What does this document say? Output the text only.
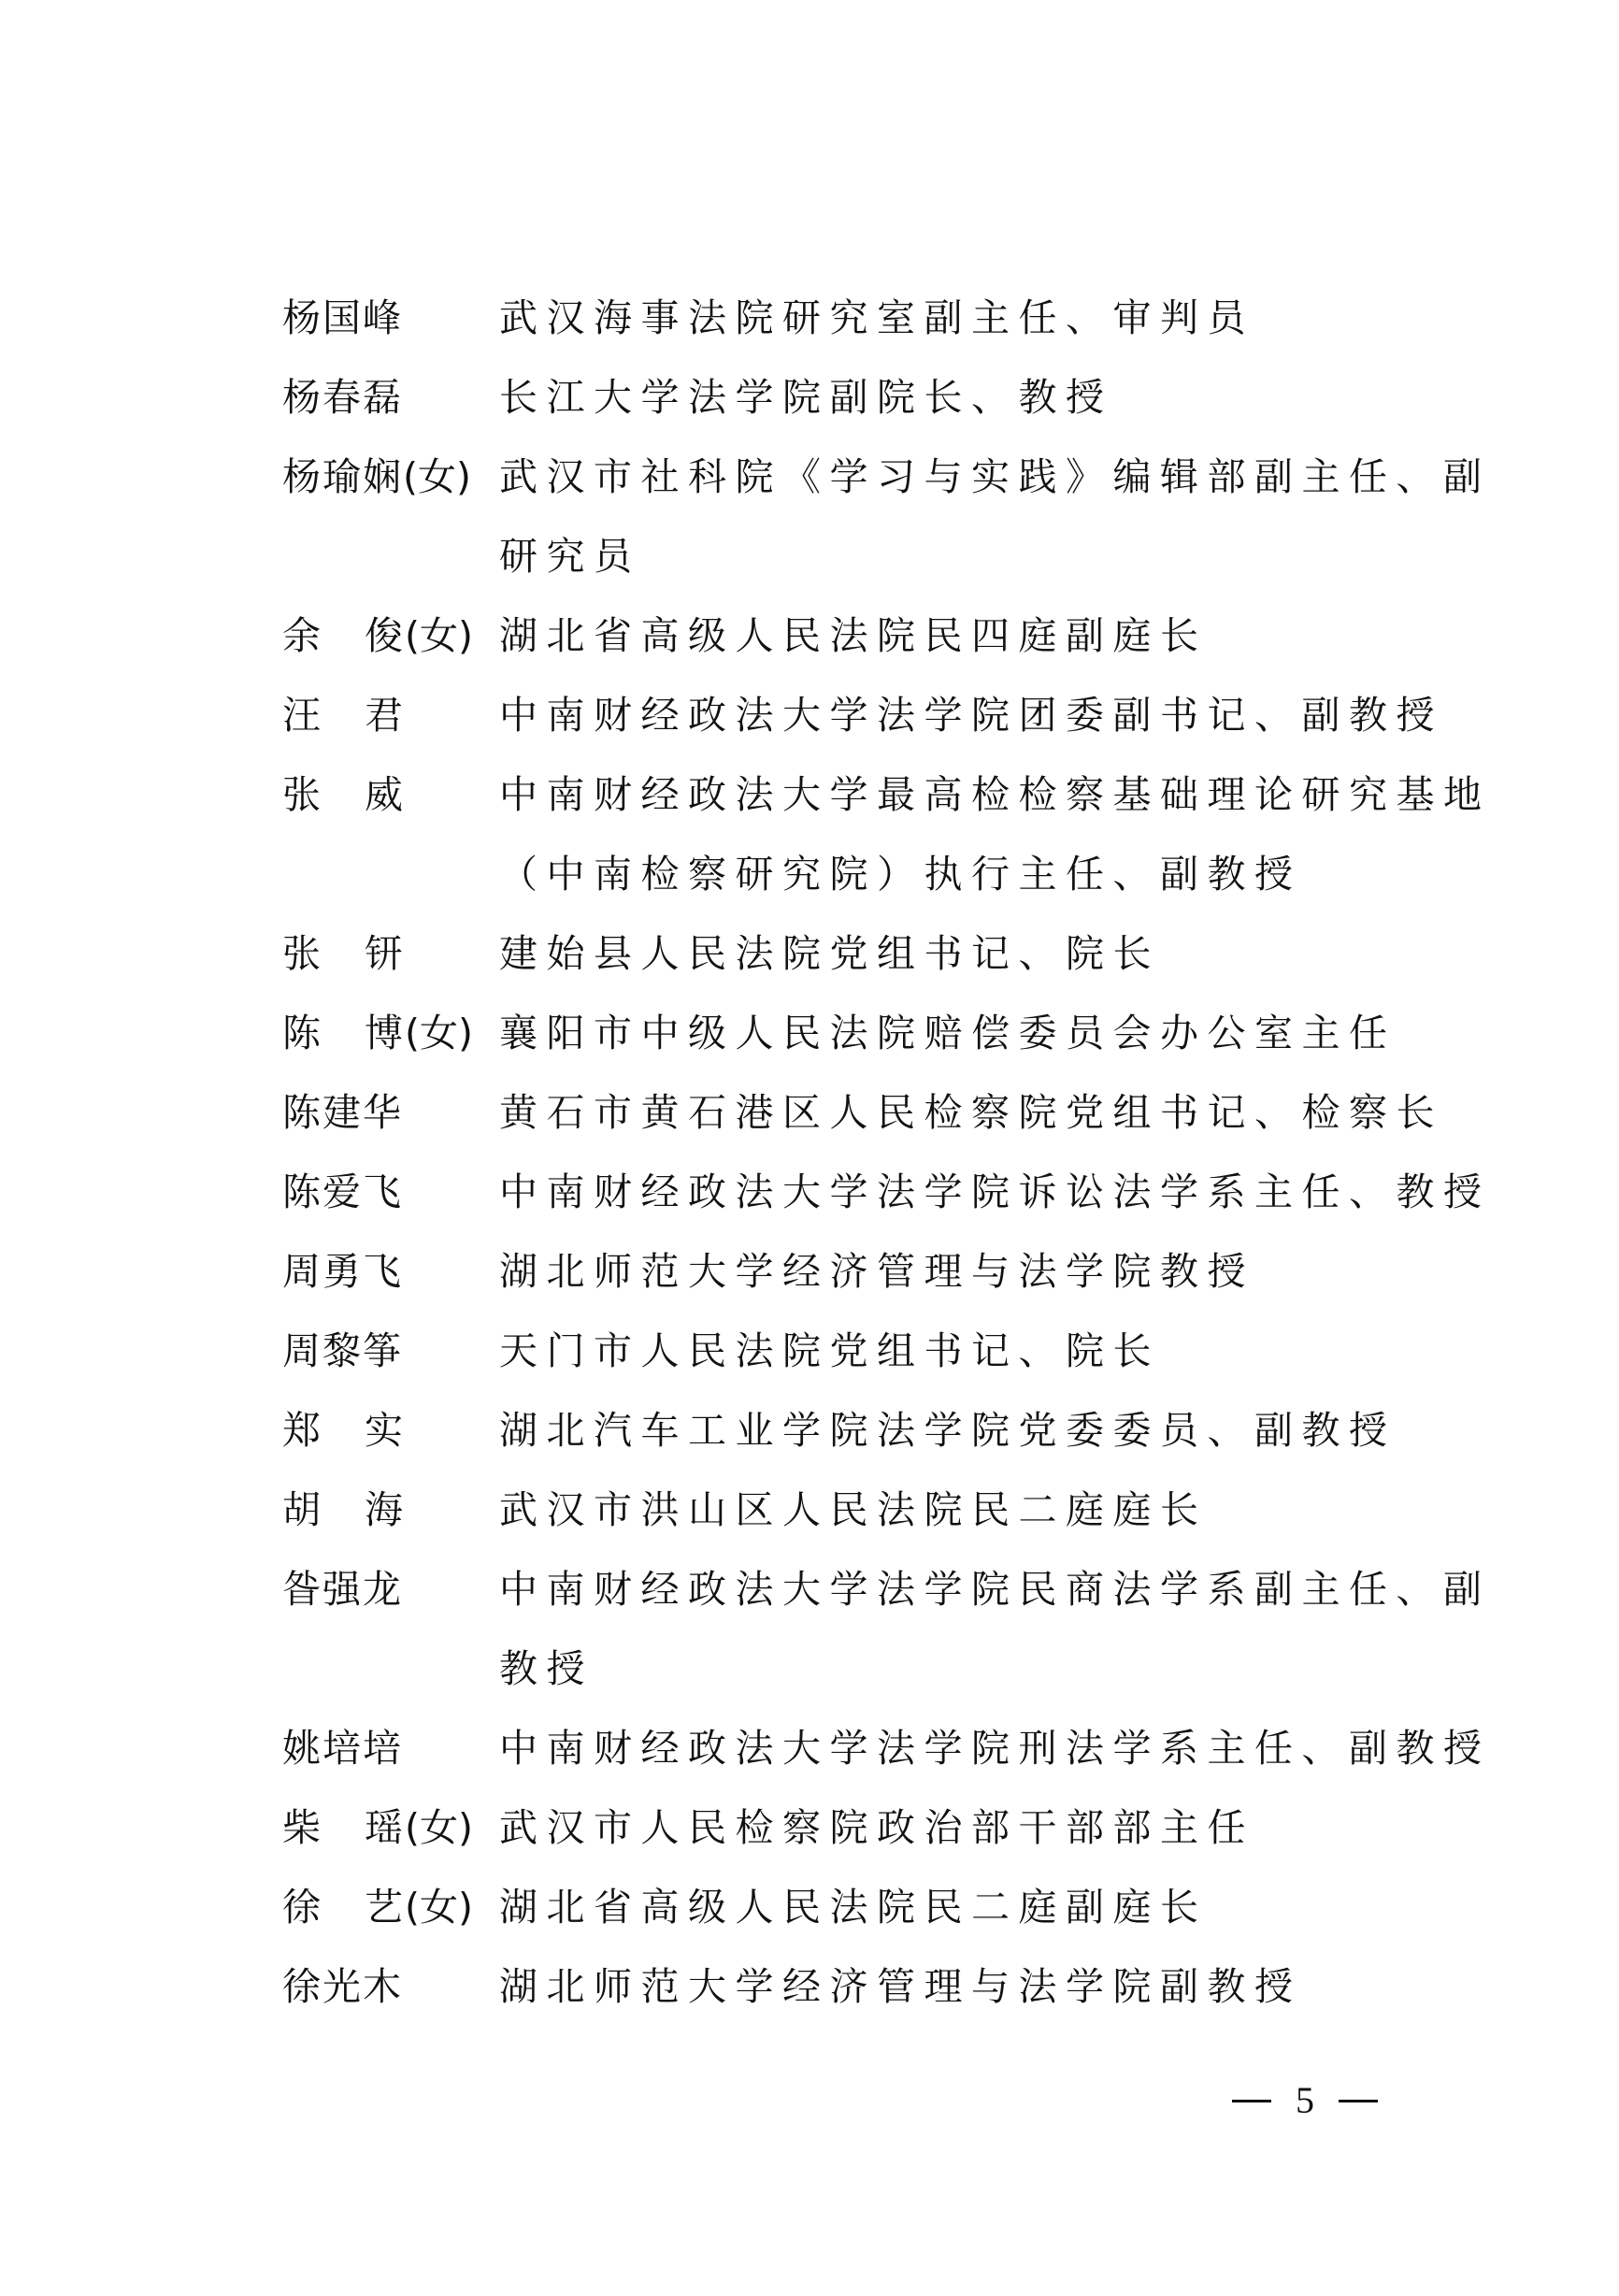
杨国峰	武汉海事法院研究室副主任、审判员
杨春磊	长江大学法学院副院长、教授
杨瑜娴 (女) 武汉市社科院《学习与实践》编辑部副主任、副
研究员
余	俊 (女) 湖北省高级人民法院民四庭副庭长
汪	君 中南财经政法大学法学院团委副书记、副教授
张	威 中南财经政法大学最高检检察基础理论研究基地
（中南检察研究院）执行主任、副教授
张	钘 建始县人民法院党组书记、院长
陈	博 (女) 襄阳市中级人民法院赔偿委员会办公室主任
陈建华	黄石市黄石港区人民检察院党组书记、检察长
陈爱飞	中南财经政法大学法学院诉讼法学系主任、教授
周勇飞	湖北师范大学经济管理与法学院教授
周黎筝	天门市人民法院党组书记、院长
郑	实 湖北汽车工业学院法学院党委委员、副教授
胡	海 武汉市洪山区人民法院民二庭庭长
昝强龙	中南财经政法大学法学院民商法学系副主任、副
教授
姚培培	中南财经政法大学法学院刑法学系主任、副教授
柴	瑶 (女) 武汉市人民检察院政治部干部部主任
徐	艺 (女) 湖北省高级人民法院民二庭副庭长
徐光木	湖北师范大学经济管理与法学院副教授
5
